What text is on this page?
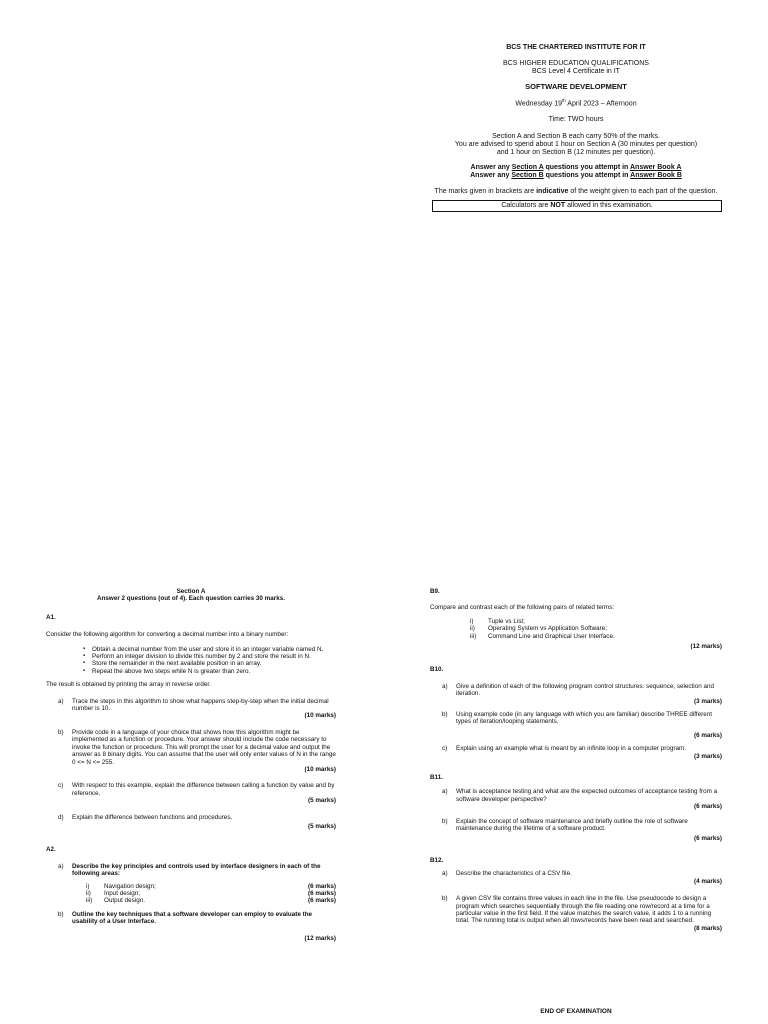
BCS THE CHARTERED INSTITUTE FOR IT
BCS HIGHER EDUCATION QUALIFICATIONS
BCS Level 4 Certificate in IT
SOFTWARE DEVELOPMENT
Wednesday 19th April 2023 – Afternoon
Time: TWO hours
Section A and Section B each carry 50% of the marks.
You are advised to spend about 1 hour on Section A (30 minutes per question)
and 1 hour on Section B (12 minutes per question).
Answer any Section A questions you attempt in Answer Book A
Answer any Section B questions you attempt in Answer Book B
The marks given in brackets are indicative of the weight given to each part of the question.
Calculators are NOT allowed in this examination.

Section A

Answer 2 questions (out of 4). Each question carries 30 marks.

A1.

Consider the following algorithm for converting a decimal number into a binary number:

▪ Obtain a decimal number from the user and store it in an integer variable named N.
▪ Perform an integer division to divide this number by 2 and store the result in N.
▪ Store the remainder in the next available position in an array.
▪ Repeat the above two steps while N is greater than zero.

The result is obtained by printing the array in reverse order.

a)	Trace the steps in this algorithm to show what happens step-by-step when the initial decimal number is 10.

(10 marks)

b)	Provide code in a language of your choice that shows how this algorithm might be implemented as a function or procedure. Your answer should include the code necessary to invoke the function or procedure. This will prompt the user for a decimal value and output the answer as 8 binary digits. You can assume that the user will only enter values of N in the range 0 <= N <= 255.

(10 marks)

c)	With respect to this example, explain the difference between calling a function by value and by reference.

(5 marks)

d)	Explain the difference between functions and procedures.

(5 marks)

A2.

a)	Describe the key principles and controls used by interface designers in each of the following areas:

i) Navigation design;	(6 marks)
ii) Input design;	(6 marks)
iii) Output design.	(6 marks)
b)	Outline the key techniques that a software developer can employ to evaluate the usability of a User Interface.

(12 marks)

B9.

Compare and contrast each of the following pairs of related terms:

i) Tuple vs List;
ii) Operating System vs Application Software;
iii) Command Line and Graphical User Interface.

(12 marks)

B10.

a)	Give a definition of each of the following program control structures: sequence, selection and iteration.

(3 marks)

b)	Using example code (in any language with which you are familiar) describe THREE different types of iteration/looping statements.

(6 marks)

c)	Explain using an example what is meant by an infinite loop in a computer program.

(3 marks)

B11.

a)	What is acceptance testing and what are the expected outcomes of acceptance testing from a software developer perspective?

(6 marks)

b)	Explain the concept of software maintenance and briefly outline the role of software maintenance during the lifetime of a software product.

(6 marks)

B12.

a)	Describe the characteristics of a CSV file.

(4 marks)

b)	A given CSV file contains three values in each line in the file. Use pseudocode to design a program which searches sequentially through the file reading one row/record at a time for a particular value in the first field. If the value matches the search value, it adds 1 to a running total. The running total is output when all rows/records have been read and searched.

(8 marks)

END OF EXAMINATION
